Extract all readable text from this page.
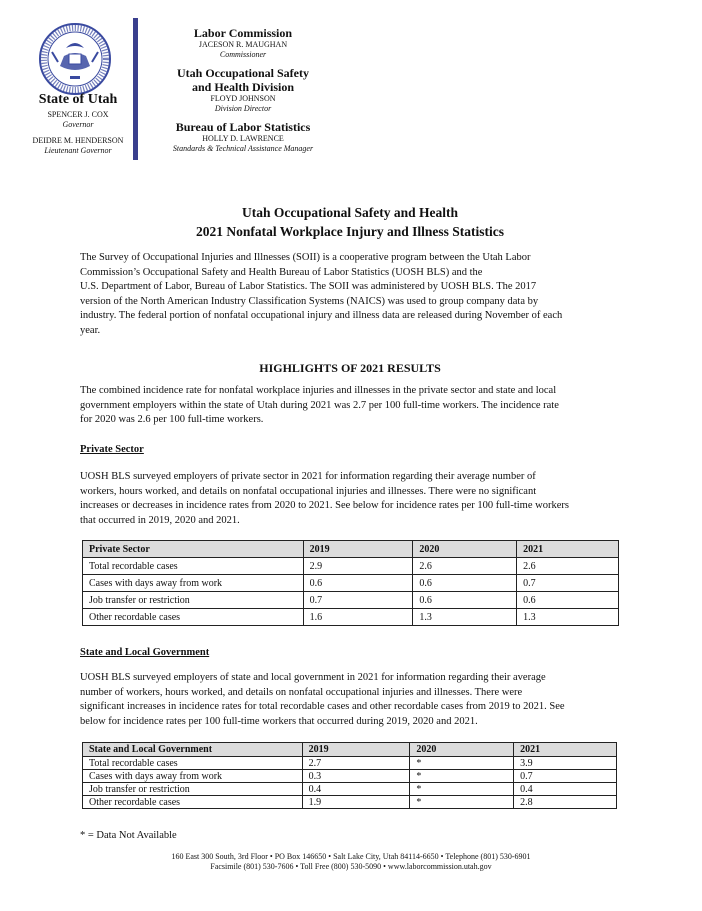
State of Utah
SPENCER J. COX
Governor
DEIDRE M. HENDERSON
Lieutenant Governor
Labor Commission
JACESON R. MAUGHAN
Commissioner
Utah Occupational Safety
and Health Division
FLOYD JOHNSON
Division Director
Bureau of Labor Statistics
HOLLY D. LAWRENCE
Standards & Technical Assistance Manager
Utah Occupational Safety and Health
2021 Nonfatal Workplace Injury and Illness Statistics
The Survey of Occupational Injuries and Illnesses (SOII) is a cooperative program between the Utah Labor
Commission’s Occupational Safety and Health Bureau of Labor Statistics (UOSH BLS) and the
U.S. Department of Labor, Bureau of Labor Statistics. The SOII was administered by UOSH BLS. The 2017
version of the North American Industry Classification Systems (NAICS) was used to group company data by
industry. The federal portion of nonfatal occupational injury and illness data are released during November of each
year.
HIGHLIGHTS OF 2021 RESULTS
The combined incidence rate for nonfatal workplace injuries and illnesses in the private sector and state and local
government employers within the state of Utah during 2021 was 2.7 per 100 full-time workers. The incidence rate
for 2020 was 2.6 per 100 full-time workers.
Private Sector
UOSH BLS surveyed employers of private sector in 2021 for information regarding their average number of
workers, hours worked, and details on nonfatal occupational injuries and illnesses. There were no significant
increases or decreases in incidence rates from 2020 to 2021. See below for incidence rates per 100 full-time workers
that occurred in 2019, 2020 and 2021.
Private Sector	2019	2020	2021
Total recordable cases	2.9	2.6	2.6
Cases with days away from work	0.6	0.6	0.7
Job transfer or restriction	0.7	0.6	0.6
Other recordable cases	1.6	1.3	1.3
State and Local Government
UOSH BLS surveyed employers of state and local government in 2021 for information regarding their average
number of workers, hours worked, and details on nonfatal occupational injuries and illnesses. There were
significant increases in incidence rates for total recordable cases and other recordable cases from 2019 to 2021. See
below for incidence rates per 100 full-time workers that occurred during 2019, 2020 and 2021.
State and Local Government	2019	2020	2021
Total recordable cases	2.7	*	3.9
Cases with days away from work	0.3	*	0.7
Job transfer or restriction	0.4	*	0.4
Other recordable cases	1.9	*	2.8
* = Data Not Available
160 East 300 South, 3rd Floor • PO Box 146650 • Salt Lake City, Utah 84114-6650 • Telephone (801) 530-6901
Facsimile (801) 530-7606 • Toll Free (800) 530-5090 • www.laborcommission.utah.gov
